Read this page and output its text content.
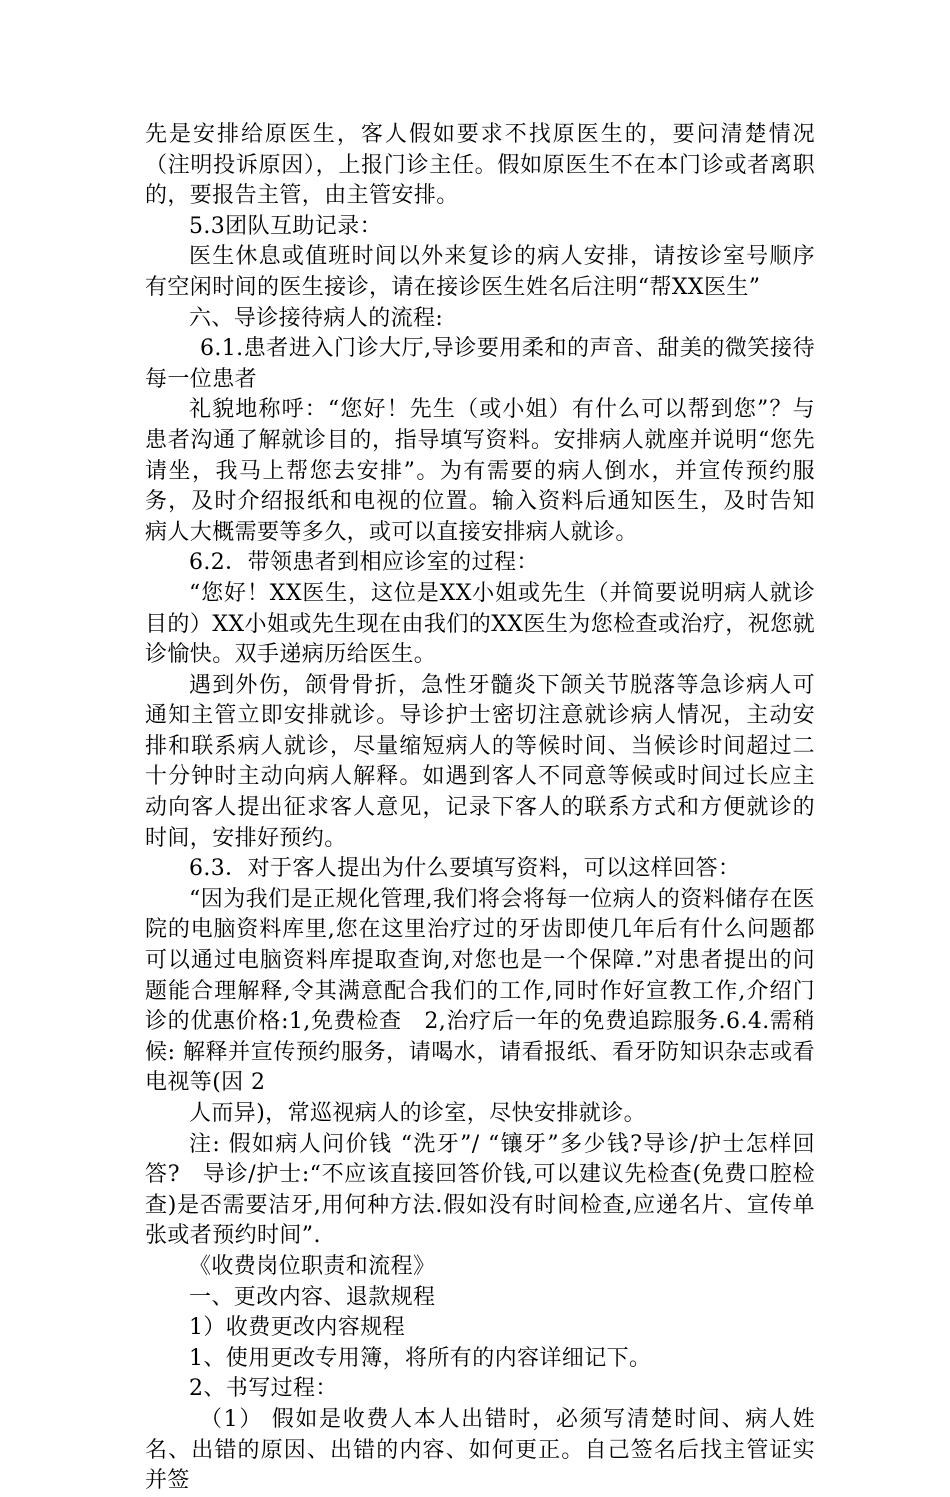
先是安排给原医生，客人假如要求不找原医生的，要问清楚情况（注明投诉原因），上报门诊主任。假如原医生不在本门诊或者离职的，要报告主管，由主管安排。

5.3团队互助记录：

医生休息或值班时间以外来复诊的病人安排，请按诊室号顺序有空闲时间的医生接诊，请在接诊医生姓名后注明“帮XX医生”

六、导诊接待病人的流程:

6.1.患者进入门诊大厅,导诊要用柔和的声音、甜美的微笑接待每一位患者

礼貌地称呼：“您好！先生（或小姐）有什么可以帮到您”？与患者沟通了解就诊目的，指导填写资料。安排病人就座并说明“您先请坐，我马上帮您去安排”。为有需要的病人倒水，并宣传预约服务，及时介绍报纸和电视的位置。输入资料后通知医生，及时告知病人大概需要等多久，或可以直接安排病人就诊。

6.2．带领患者到相应诊室的过程：

“您好！XX医生，这位是XX小姐或先生（并简要说明病人就诊目的）XX小姐或先生现在由我们的XX医生为您检查或治疗，祝您就诊愉快。双手递病历给医生。

遇到外伤，颌骨骨折，急性牙髓炎下颌关节脱落等急诊病人可通知主管立即安排就诊。导诊护士密切注意就诊病人情况，主动安排和联系病人就诊，尽量缩短病人的等候时间、当候诊时间超过二十分钟时主动向病人解释。如遇到客人不同意等候或时间过长应主动向客人提出征求客人意见，记录下客人的联系方式和方便就诊的时间，安排好预约。

6.3．对于客人提出为什么要填写资料，可以这样回答：

“因为我们是正规化管理,我们将会将每一位病人的资料储存在医院的电脑资料库里,您在这里治疗过的牙齿即使几年后有什么问题都可以通过电脑资料库提取查询,对您也是一个保障.”对患者提出的问题能合理解释,令其满意配合我们的工作,同时作好宣教工作,介绍门诊的优惠价格:1,免费检查　2,治疗后一年的免费追踪服务.6.4.需稍候: 解释并宣传预约服务，请喝水，请看报纸、看牙防知识杂志或看电视等(因 2

人而异)，常巡视病人的诊室，尽快安排就诊。

注: 假如病人问价钱 “洗牙”/ “镶牙”多少钱?导诊/护士怎样回答?　导诊/护士:“不应该直接回答价钱,可以建议先检查(免费口腔检查)是否需要洁牙,用何种方法.假如没有时间检查,应递名片、宣传单张或者预约时间”.

《收费岗位职责和流程》

一、更改内容、退款规程

1）收费更改内容规程

1、使用更改专用簿，将所有的内容详细记下。

2、书写过程：

（1） 假如是收费人本人出错时，必须写清楚时间、病人姓名、出错的原因、出错的内容、如何更正。自己签名后找主管证实并签
